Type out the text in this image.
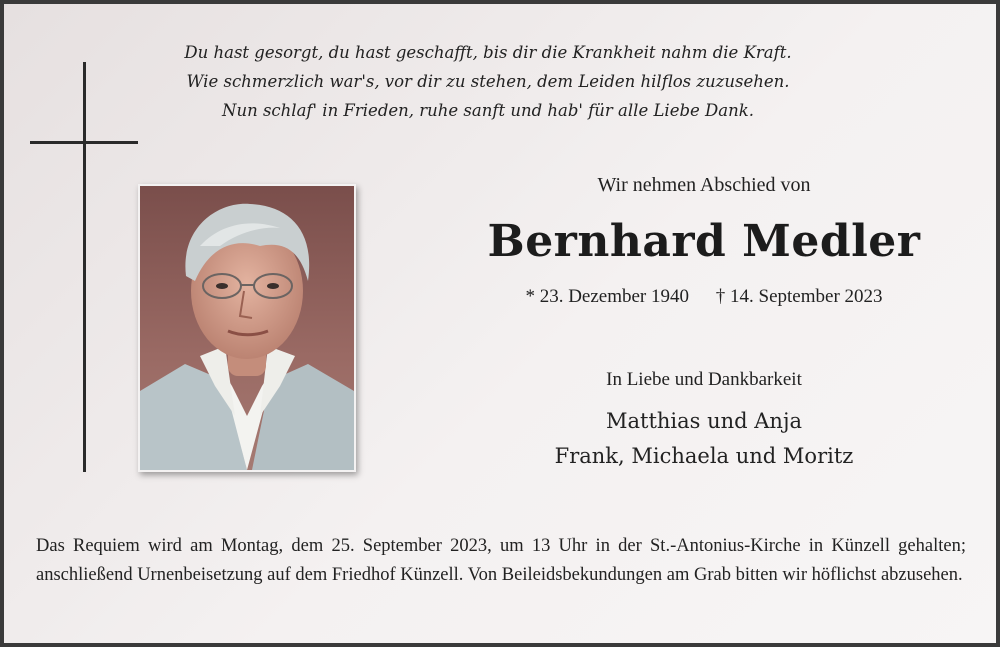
Du hast gesorgt, du hast geschafft, bis dir die Krankheit nahm die Kraft.
Wie schmerzlich war's, vor dir zu stehen, dem Leiden hilflos zuzusehen.
Nun schlaf' in Frieden, ruhe sanft und hab' für alle Liebe Dank.
Wir nehmen Abschied von
Bernhard Medler
* 23. Dezember 1940 † 14. September 2023
In Liebe und Dankbarkeit
Matthias und Anja
Frank, Michaela und Moritz
Das Requiem wird am Montag, dem 25. September 2023, um 13 Uhr in der St.-Antonius-Kirche in Künzell gehalten; anschließend Urnenbeisetzung auf dem Friedhof Künzell. Von Beileidsbekundungen am Grab bitten wir höflichst abzusehen.
